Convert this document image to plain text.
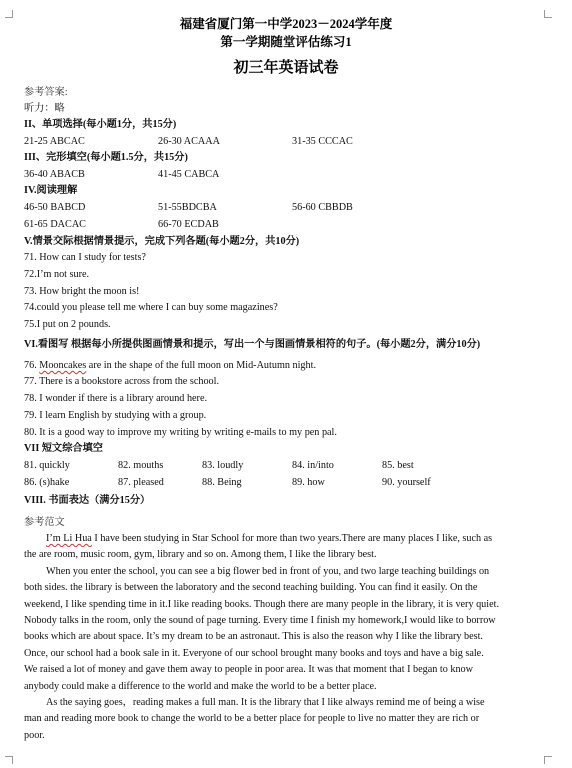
福建省厦门第一中学2023－2024学年度
第一学期随堂评估练习1
初三年英语试卷
参考答案:
听力：略
II、单项选择(每小题1分，共15分)
21-25 ABCAC	26-30 ACAAA	31-35 CCCAC
III、完形填空(每小题1.5分，共15分)
36-40 ABACB	41-45 CABCA
IV.阅读理解
46-50 BABCD	51-55BDCBA	56-60 CBBDB
61-65 DACAC	66-70 ECDAB
V.情景交际根据情景提示，完成下列各题(每小题2分，共10分)
71. How can I study for tests?
72.I’m not sure.
73. How bright the moon is!
74.could you please tell me where I can buy some magazines?
75.I put on 2 pounds.
VI.看图写 根据每小所提供图画情景和提示，写出一个与图画情景相符的句子。(每小题2分，满分10分)
76. Mooncakes are in the shape of the full moon on Mid-Autumn night.
77. There is a bookstore across from the school.
78. I wonder if there is a library around here.
79. I learn English by studying with a group.
80. It is a good way to improve my writing by writing e-mails to my pen pal.
VII 短文综合填空
81. quickly	82. mouths	83. loudly	84. in/into	85. best
86. (s)hake	87. pleased	88. Being	89. how	90. yourself
VIII. 书面表达（满分15分）
参考范文
I’m Li Hua I have been studying in Star School for more than two years.There are many places I like, such as
the are room, music room, gym, library and so on. Among them, I like the library best.
When you enter the school, you can see a big flower bed in front of you, and two large teaching buildings on
both sides. the library is between the laboratory and the second teaching building. You can find it easily. On the
weekend, I like spending time in it.I like reading books. Though there are many people in the library, it is very quiet.
Nobody talks in the room, only the sound of page turning. Every time I finish my homework,I would like to borrow
books which are about space. It’s my dream to be an astronaut. This is also the reason why I like the library best.
Once, our school had a book sale in it. Everyone of our school brought many books and toys and have a big sale.
We raised a lot of money and gave them away to people in poor area. It was that moment that I began to know
anybody could make a difference to the world and make the world to be a better place.
As the saying goes，reading makes a full man. It is the library that I like always remind me of being a wise
man and reading more book to change the world to be a better place for people to live no matter they are rich or
poor.
